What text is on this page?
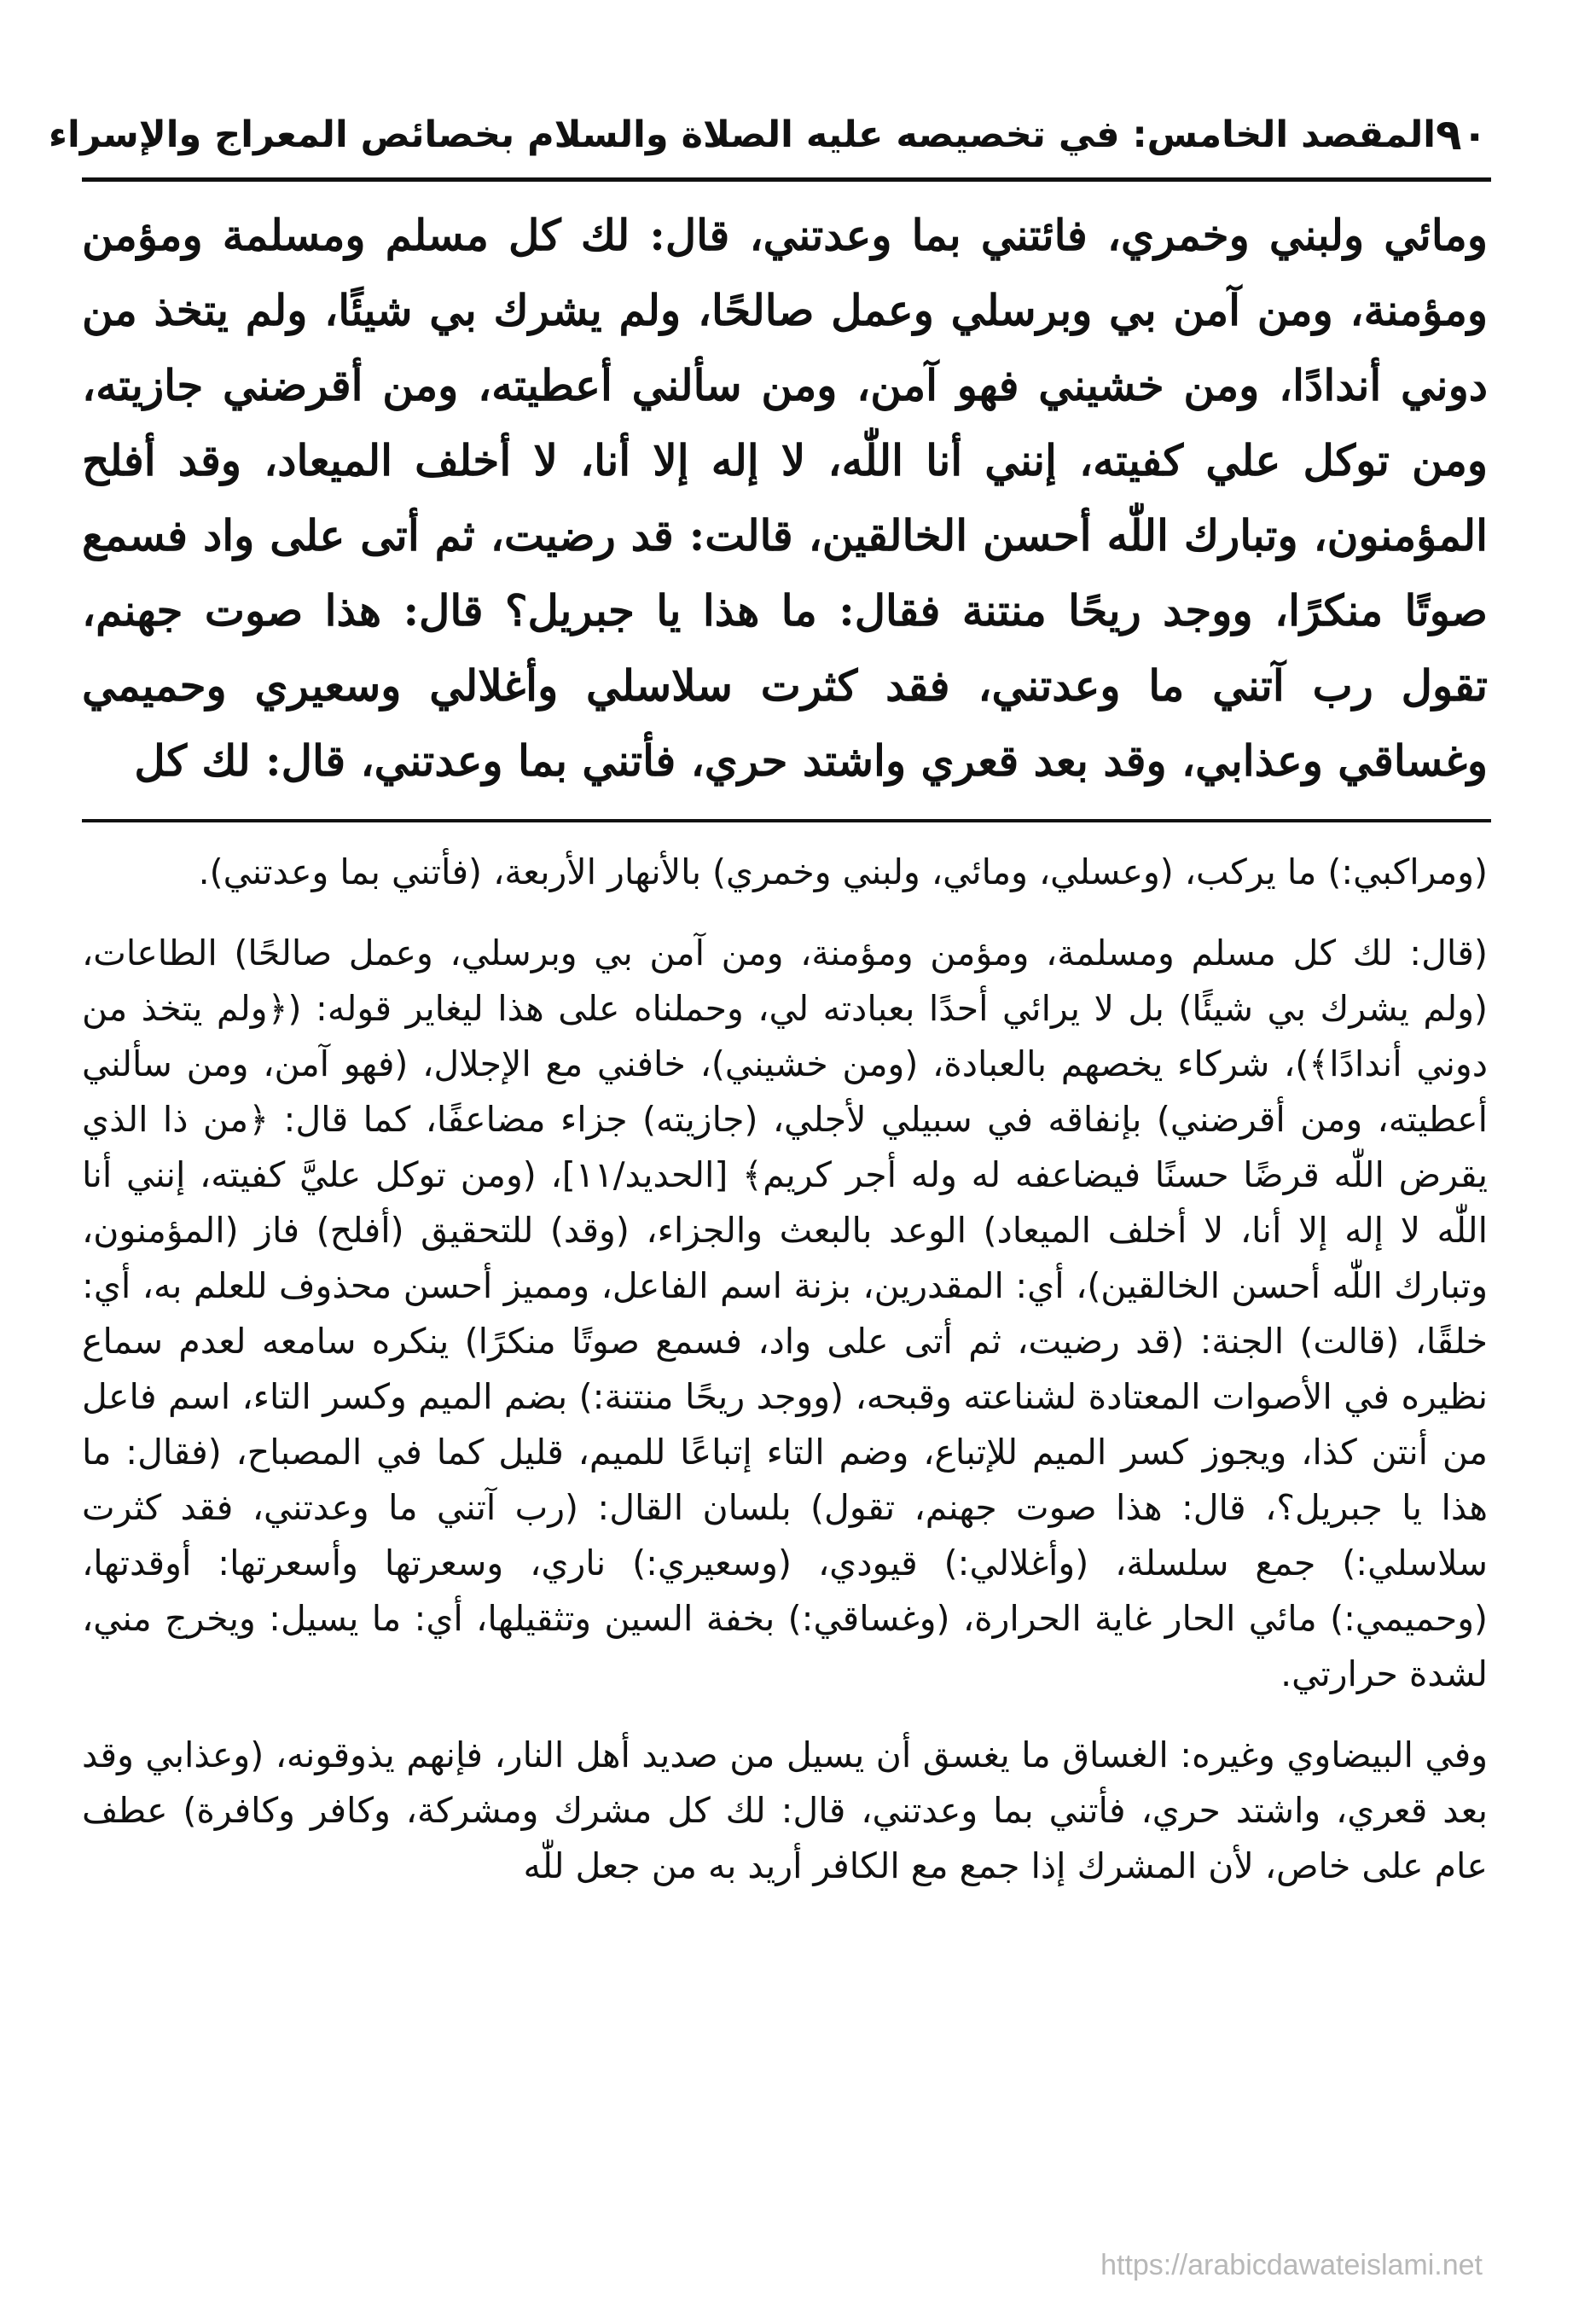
٩٠
المقصد الخامس: في تخصيصه عليه الصلاة والسلام بخصائص المعراج والإسراء

ومائي ولبني وخمري، فائتني بما وعدتني، قال: لك كل مسلم ومسلمة ومؤمن ومؤمنة، ومن آمن بي وبرسلي وعمل صالحًا، ولم يشرك بي شيئًا، ولم يتخذ من دوني أندادًا، ومن خشيني فهو آمن، ومن سألني أعطيته، ومن أقرضني جازيته، ومن توكل علي كفيته، إنني أنا اللّٰه، لا إله إلا أنا، لا أخلف الميعاد، وقد أفلح المؤمنون، وتبارك اللّٰه أحسن الخالقين، قالت: قد رضيت، ثم أتى على واد فسمع صوتًا منكرًا، ووجد ريحًا منتنة فقال: ما هذا يا جبريل؟ قال: هذا صوت جهنم، تقول رب آتني ما وعدتني، فقد كثرت سلاسلي وأغلالي وسعيري وحميمي وغساقي وعذابي، وقد بعد قعري واشتد حري، فأتني بما وعدتني، قال: لك كل

(ومراكبي:) ما يركب، (وعسلي، ومائي، ولبني وخمري) بالأنهار الأربعة، (فأتني بما وعدتني).

(قال: لك كل مسلم ومسلمة، ومؤمن ومؤمنة، ومن آمن بي وبرسلي، وعمل صالحًا) الطاعات، (ولم يشرك بي شيئًا) بل لا يرائي أحدًا بعبادته لي، وحملناه على هذا ليغاير قوله: (﴿ولم يتخذ من دوني أندادًا﴾)، شركاء يخصهم بالعبادة، (ومن خشيني)، خافني مع الإجلال، (فهو آمن، ومن سألني أعطيته، ومن أقرضني) بإنفاقه في سبيلي لأجلي، (جازيته) جزاء مضاعفًا، كما قال: ﴿من ذا الذي يقرض اللّٰه قرضًا حسنًا فيضاعفه له وله أجر كريم﴾ [الحديد/١١]، (ومن توكل عليَّ كفيته، إنني أنا اللّٰه لا إله إلا أنا، لا أخلف الميعاد) الوعد بالبعث والجزاء، (وقد) للتحقيق (أفلح) فاز (المؤمنون، وتبارك اللّٰه أحسن الخالقين)، أي: المقدرين، بزنة اسم الفاعل، ومميز أحسن محذوف للعلم به، أي: خلقًا، (قالت) الجنة: (قد رضيت، ثم أتى على واد، فسمع صوتًا منكرًا) ينكره سامعه لعدم سماع نظيره في الأصوات المعتادة لشناعته وقبحه، (ووجد ريحًا منتنة:) بضم الميم وكسر التاء، اسم فاعل من أنتن كذا، ويجوز كسر الميم للإتباع، وضم التاء إتباعًا للميم، قليل كما في المصباح، (فقال: ما هذا يا جبريل؟، قال: هذا صوت جهنم، تقول) بلسان القال: (رب آتني ما وعدتني، فقد كثرت سلاسلي:) جمع سلسلة، (وأغلالي:) قيودي، (وسعيري:) ناري، وسعرتها وأسعرتها: أوقدتها، (وحميمي:) مائي الحار غاية الحرارة، (وغساقي:) بخفة السين وتثقيلها، أي: ما يسيل: ويخرج مني، لشدة حرارتي.

وفي البيضاوي وغيره: الغساق ما يغسق أن يسيل من صديد أهل النار، فإنهم يذوقونه، (وعذابي وقد بعد قعري، واشتد حري، فأتني بما وعدتني، قال: لك كل مشرك ومشركة، وكافر وكافرة) عطف عام على خاص، لأن المشرك إذا جمع مع الكافر أريد به من جعل للّٰه

https://arabicdawateislami.net
